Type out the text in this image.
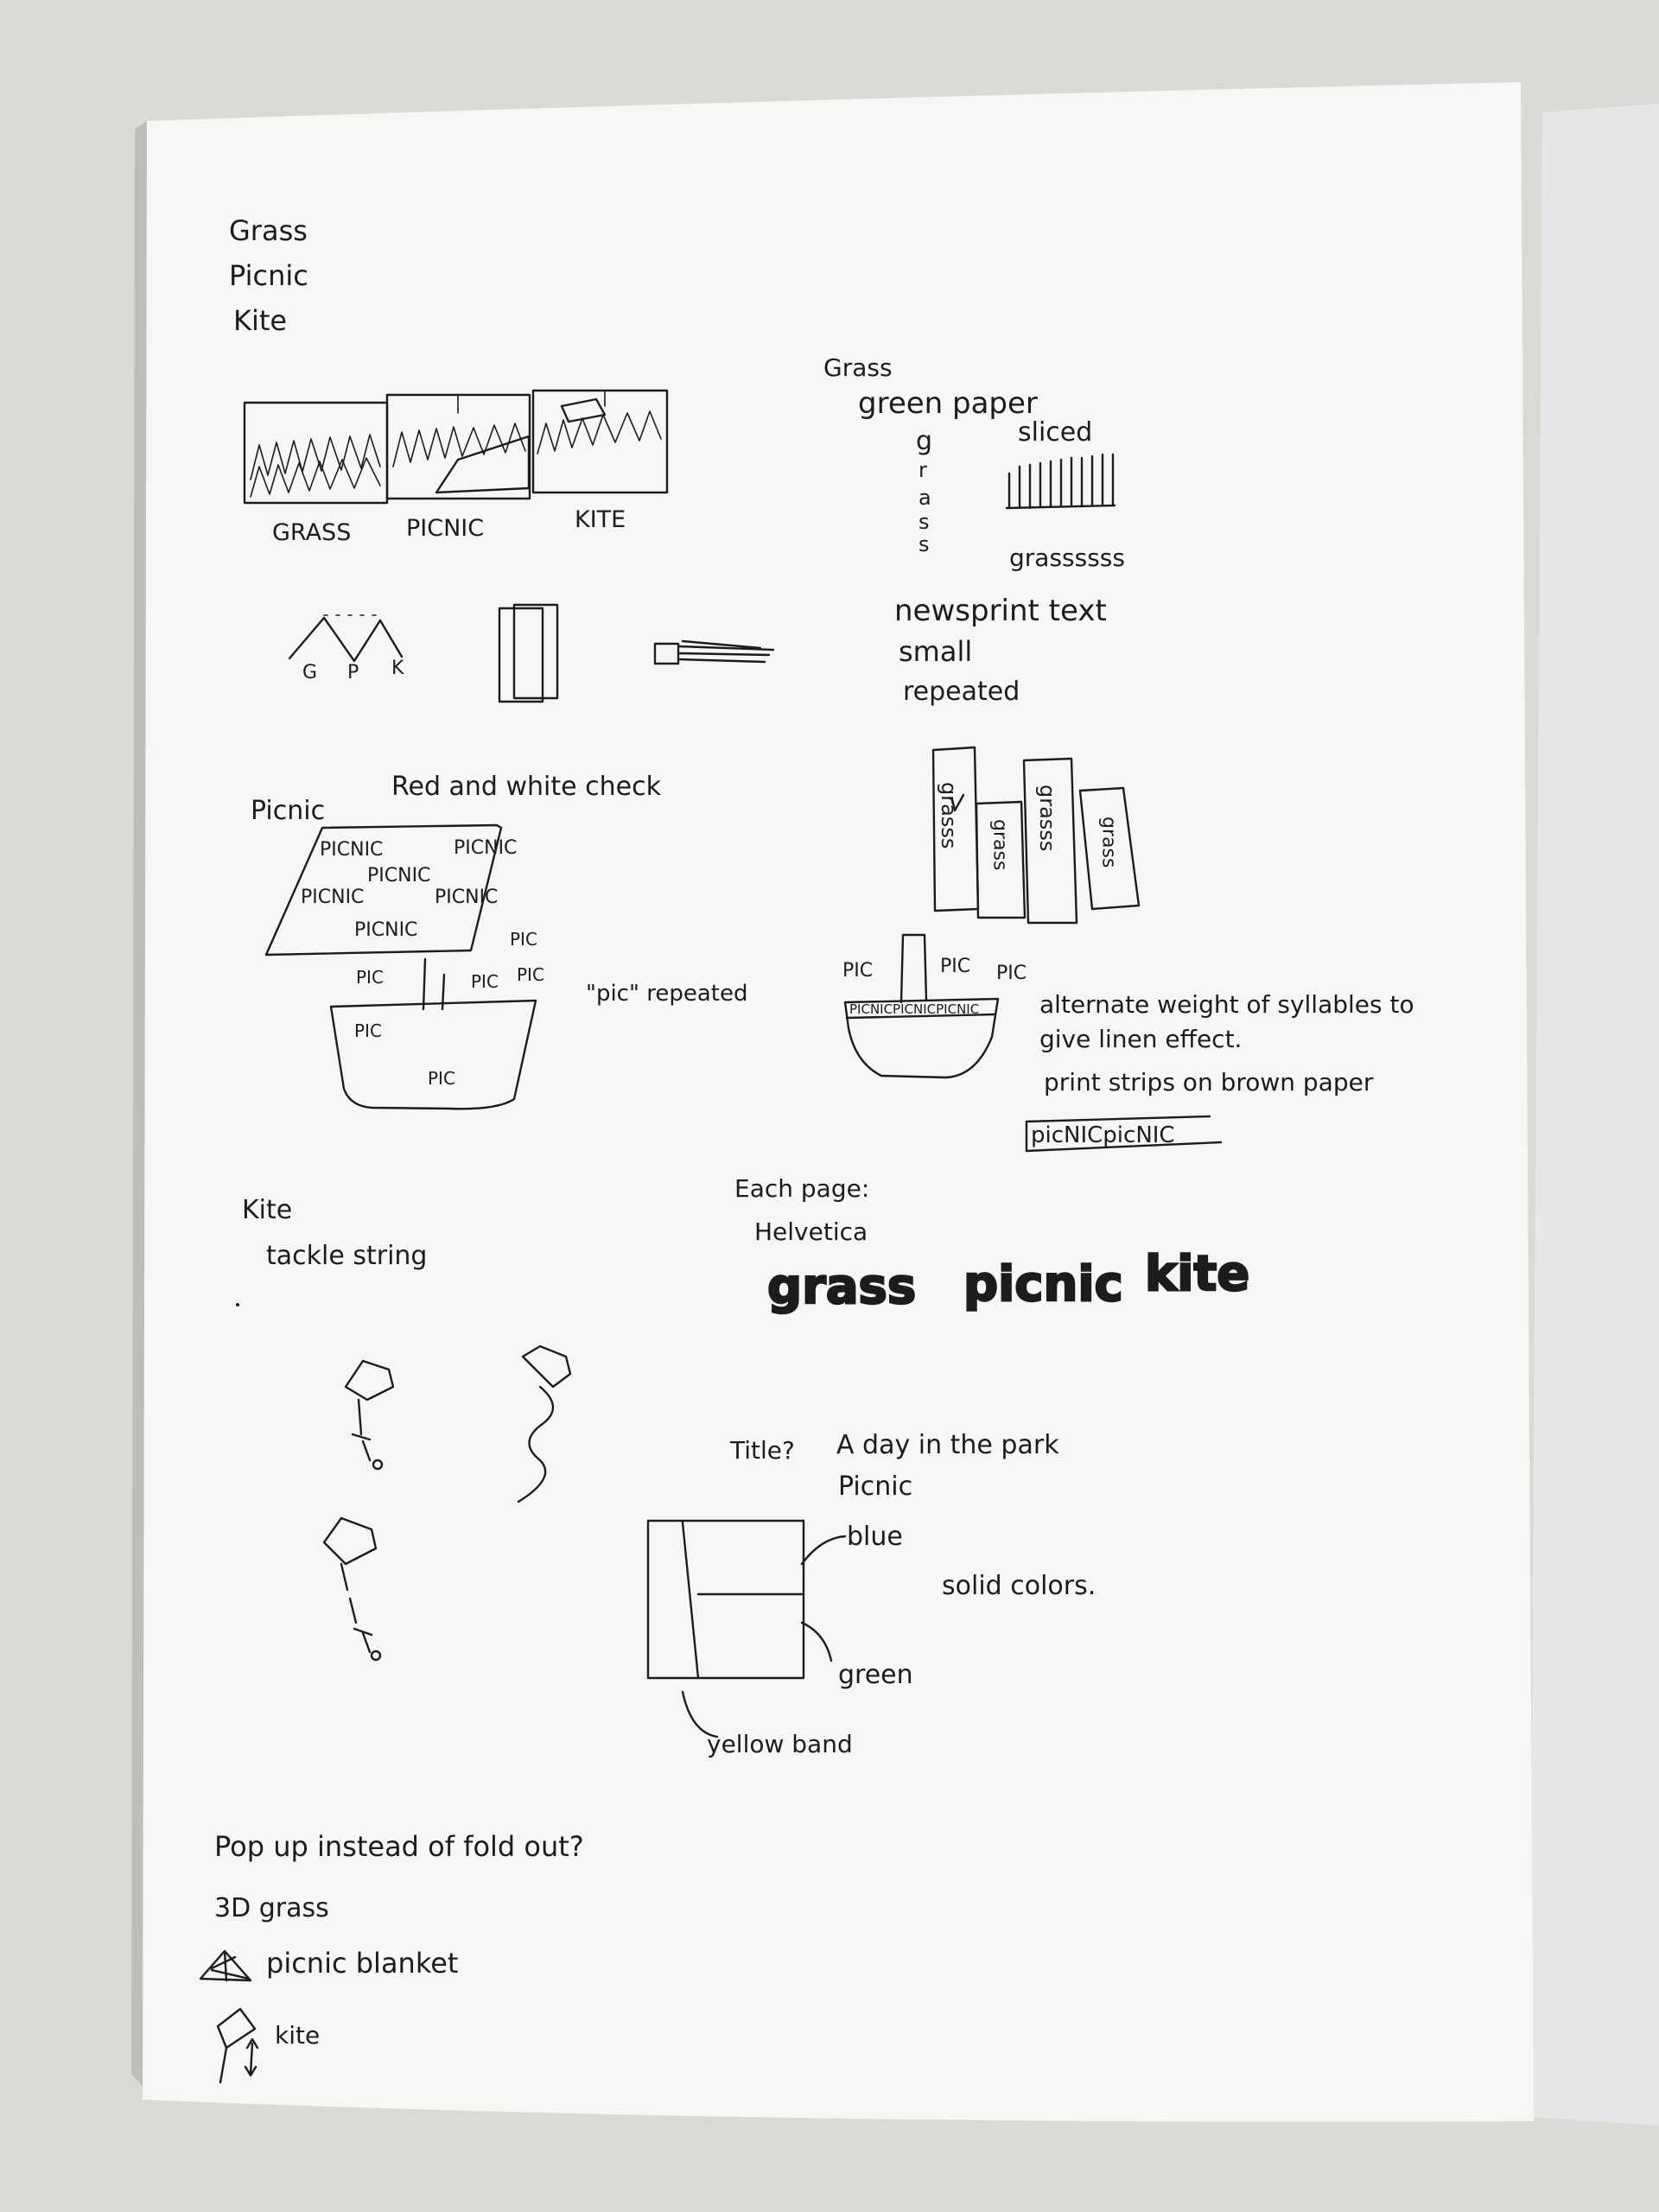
Grass
Picnic
Kite
GRASS PICNIC	KITE
G P K
Grass
green paper
g
r
a
s
s
sliced
grassssss
newsprint text
small
repeated
Picnic
Red and white check
PICNIC	PICNIC
PICNIC
PICNIC	PICNIC
PICNIC
PIC	PIC PIC
PIC
PIC
PIC
"pic" repeated
grasss grass grasss grass
PIC	PIC PIC
PICNICPICNICPICNIC alternate weight of syllables to
give linen effect.
print strips on brown paper
picNICpicNIC
Kite
tackle string
Each page:
Helvetica
grass picnic kite
Title? A day in the park
Picnic
blue
green
yellow band
solid colors.
Pop up instead of fold out?
3D grass
picnic blanket
kite
